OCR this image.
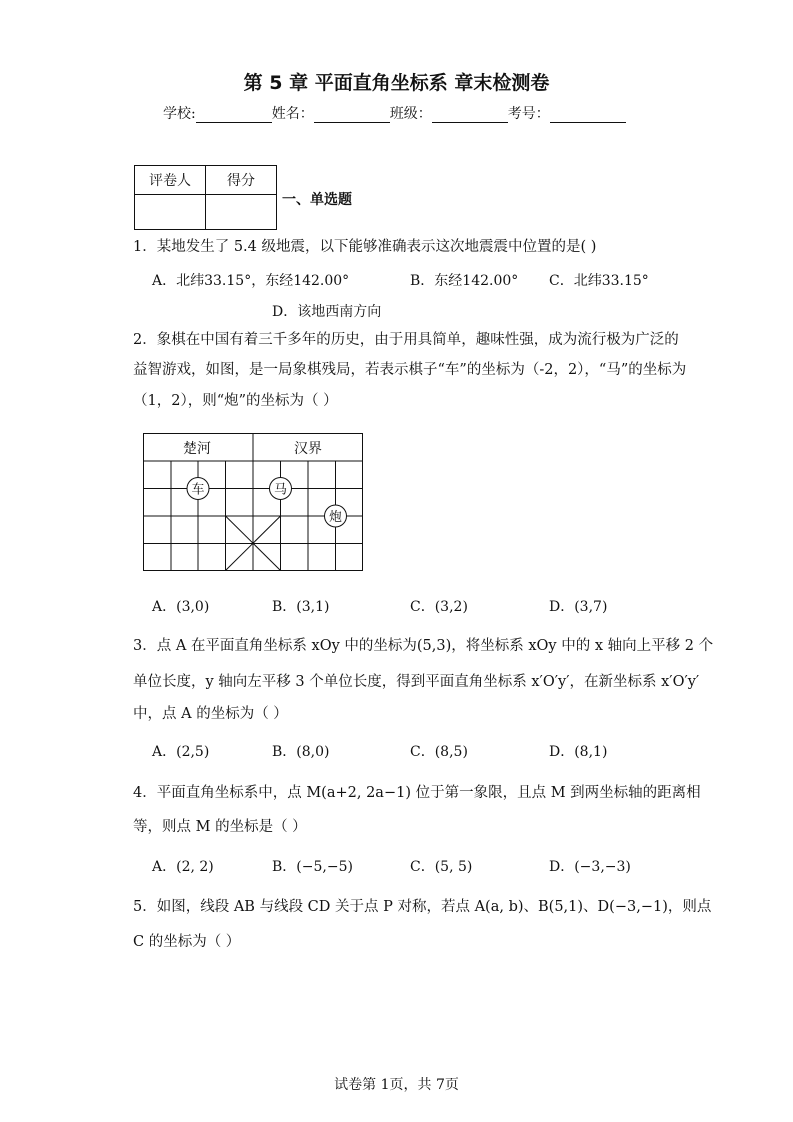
第 5 章 平面直角坐标系 章末检测卷
学校:	姓名：	班级：	考号：
评卷人	得分

一、单选题
1．某地发生了 5.4 级地震，以下能够准确表示这次地震震中位置的是( )
A．北纬33.15°，东经142.00°	B．东经142.00° C．北纬33.15°
D．该地西南方向
2．象棋在中国有着三千多年的历史，由于用具简单，趣味性强，成为流行极为广泛的
益智游戏，如图，是一局象棋残局，若表示棋子“车”的坐标为（-2，2），“马”的坐标为
（1，2），则“炮”的坐标为（ ）
楚河	汉界
车	马
炮
A．(3,0)	B．(3,1)	C．(3,2)	D．(3,7)
3．点 A 在平面直角坐标系 xOy 中的坐标为(5,3)，将坐标系 xOy 中的 x 轴向上平移 2 个
单位长度，y 轴向左平移 3 个单位长度，得到平面直角坐标系 x′O′y′，在新坐标系 x′O′y′
中，点 A 的坐标为（ ）
A．(2,5)	B．(8,0)	C．(8,5)	D．(8,1)
4．平面直角坐标系中，点 M(a+2, 2a−1) 位于第一象限，且点 M 到两坐标轴的距离相
等，则点 M 的坐标是（ ）
A．(2, 2)	B．(−5,−5)	C．(5, 5)	D．(−3,−3)
5．如图，线段 AB 与线段 CD 关于点 P 对称，若点 A(a, b)、B(5,1)、D(−3,−1)，则点
C 的坐标为（ ）
试卷第 1页，共 7页
